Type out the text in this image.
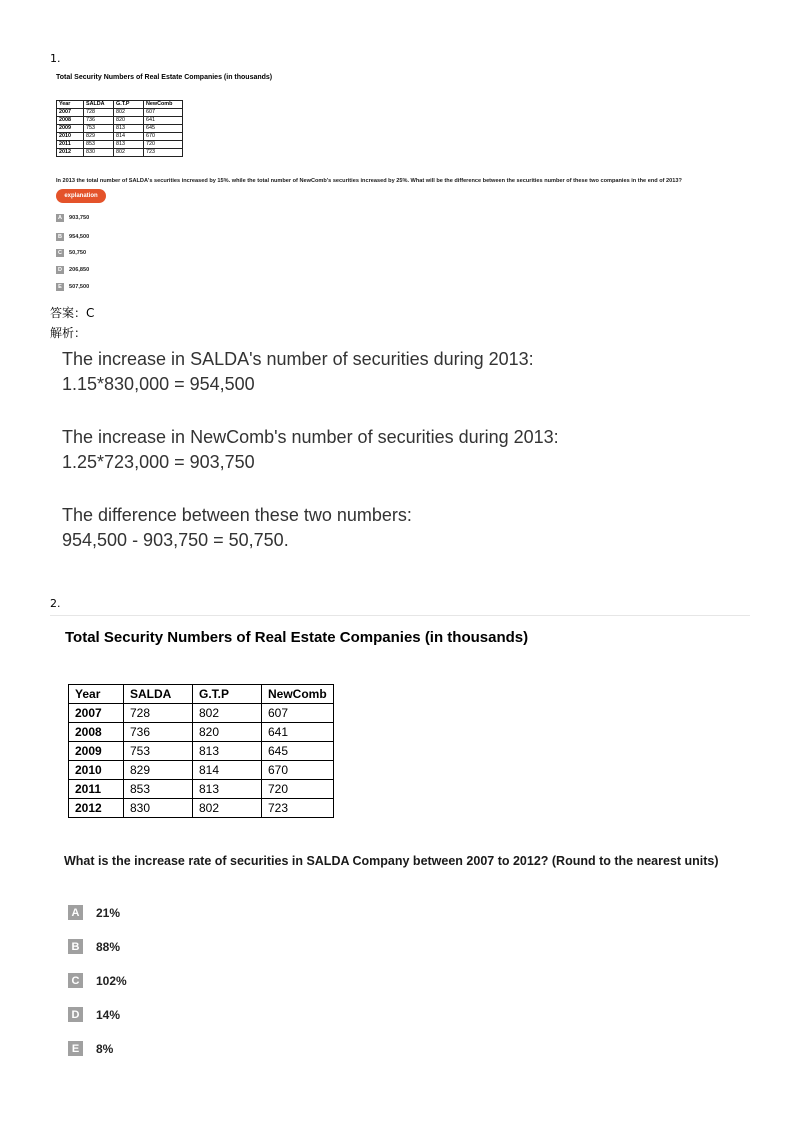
1.
Total Security Numbers of Real Estate Companies (in thousands)
Year	SALDA	G.T.P	NewComb
2007	728	802	607
2008	736	820	641
2009	753	813	645
2010	829	814	670
2011	853	813	720
2012	830	802	723
In 2013 the total number of SALDA's securities increased by 15%. while the total number of NewComb's securities increased by 25%. What will be the difference between the securities number of these two companies in the end of 2013?
explanation
A	903,750
B	954,500
C	50,750
D	206,850
E	507,500
答案：C
解析：
The increase in SALDA's number of securities during 2013:
1.15*830,000 = 954,500
The increase in NewComb's number of securities during 2013:
1.25*723,000 = 903,750
The difference between these two numbers:
954,500 - 903,750 = 50,750.
2.
Total Security Numbers of Real Estate Companies (in thousands)
Year	SALDA	G.T.P	NewComb
2007	728	802	607
2008	736	820	641
2009	753	813	645
2010	829	814	670
2011	853	813	720
2012	830	802	723
What is the increase rate of securities in SALDA Company between 2007 to 2012? (Round to the nearest units)
A 21%
B 88%
C 102%
D 14%
E	8%
